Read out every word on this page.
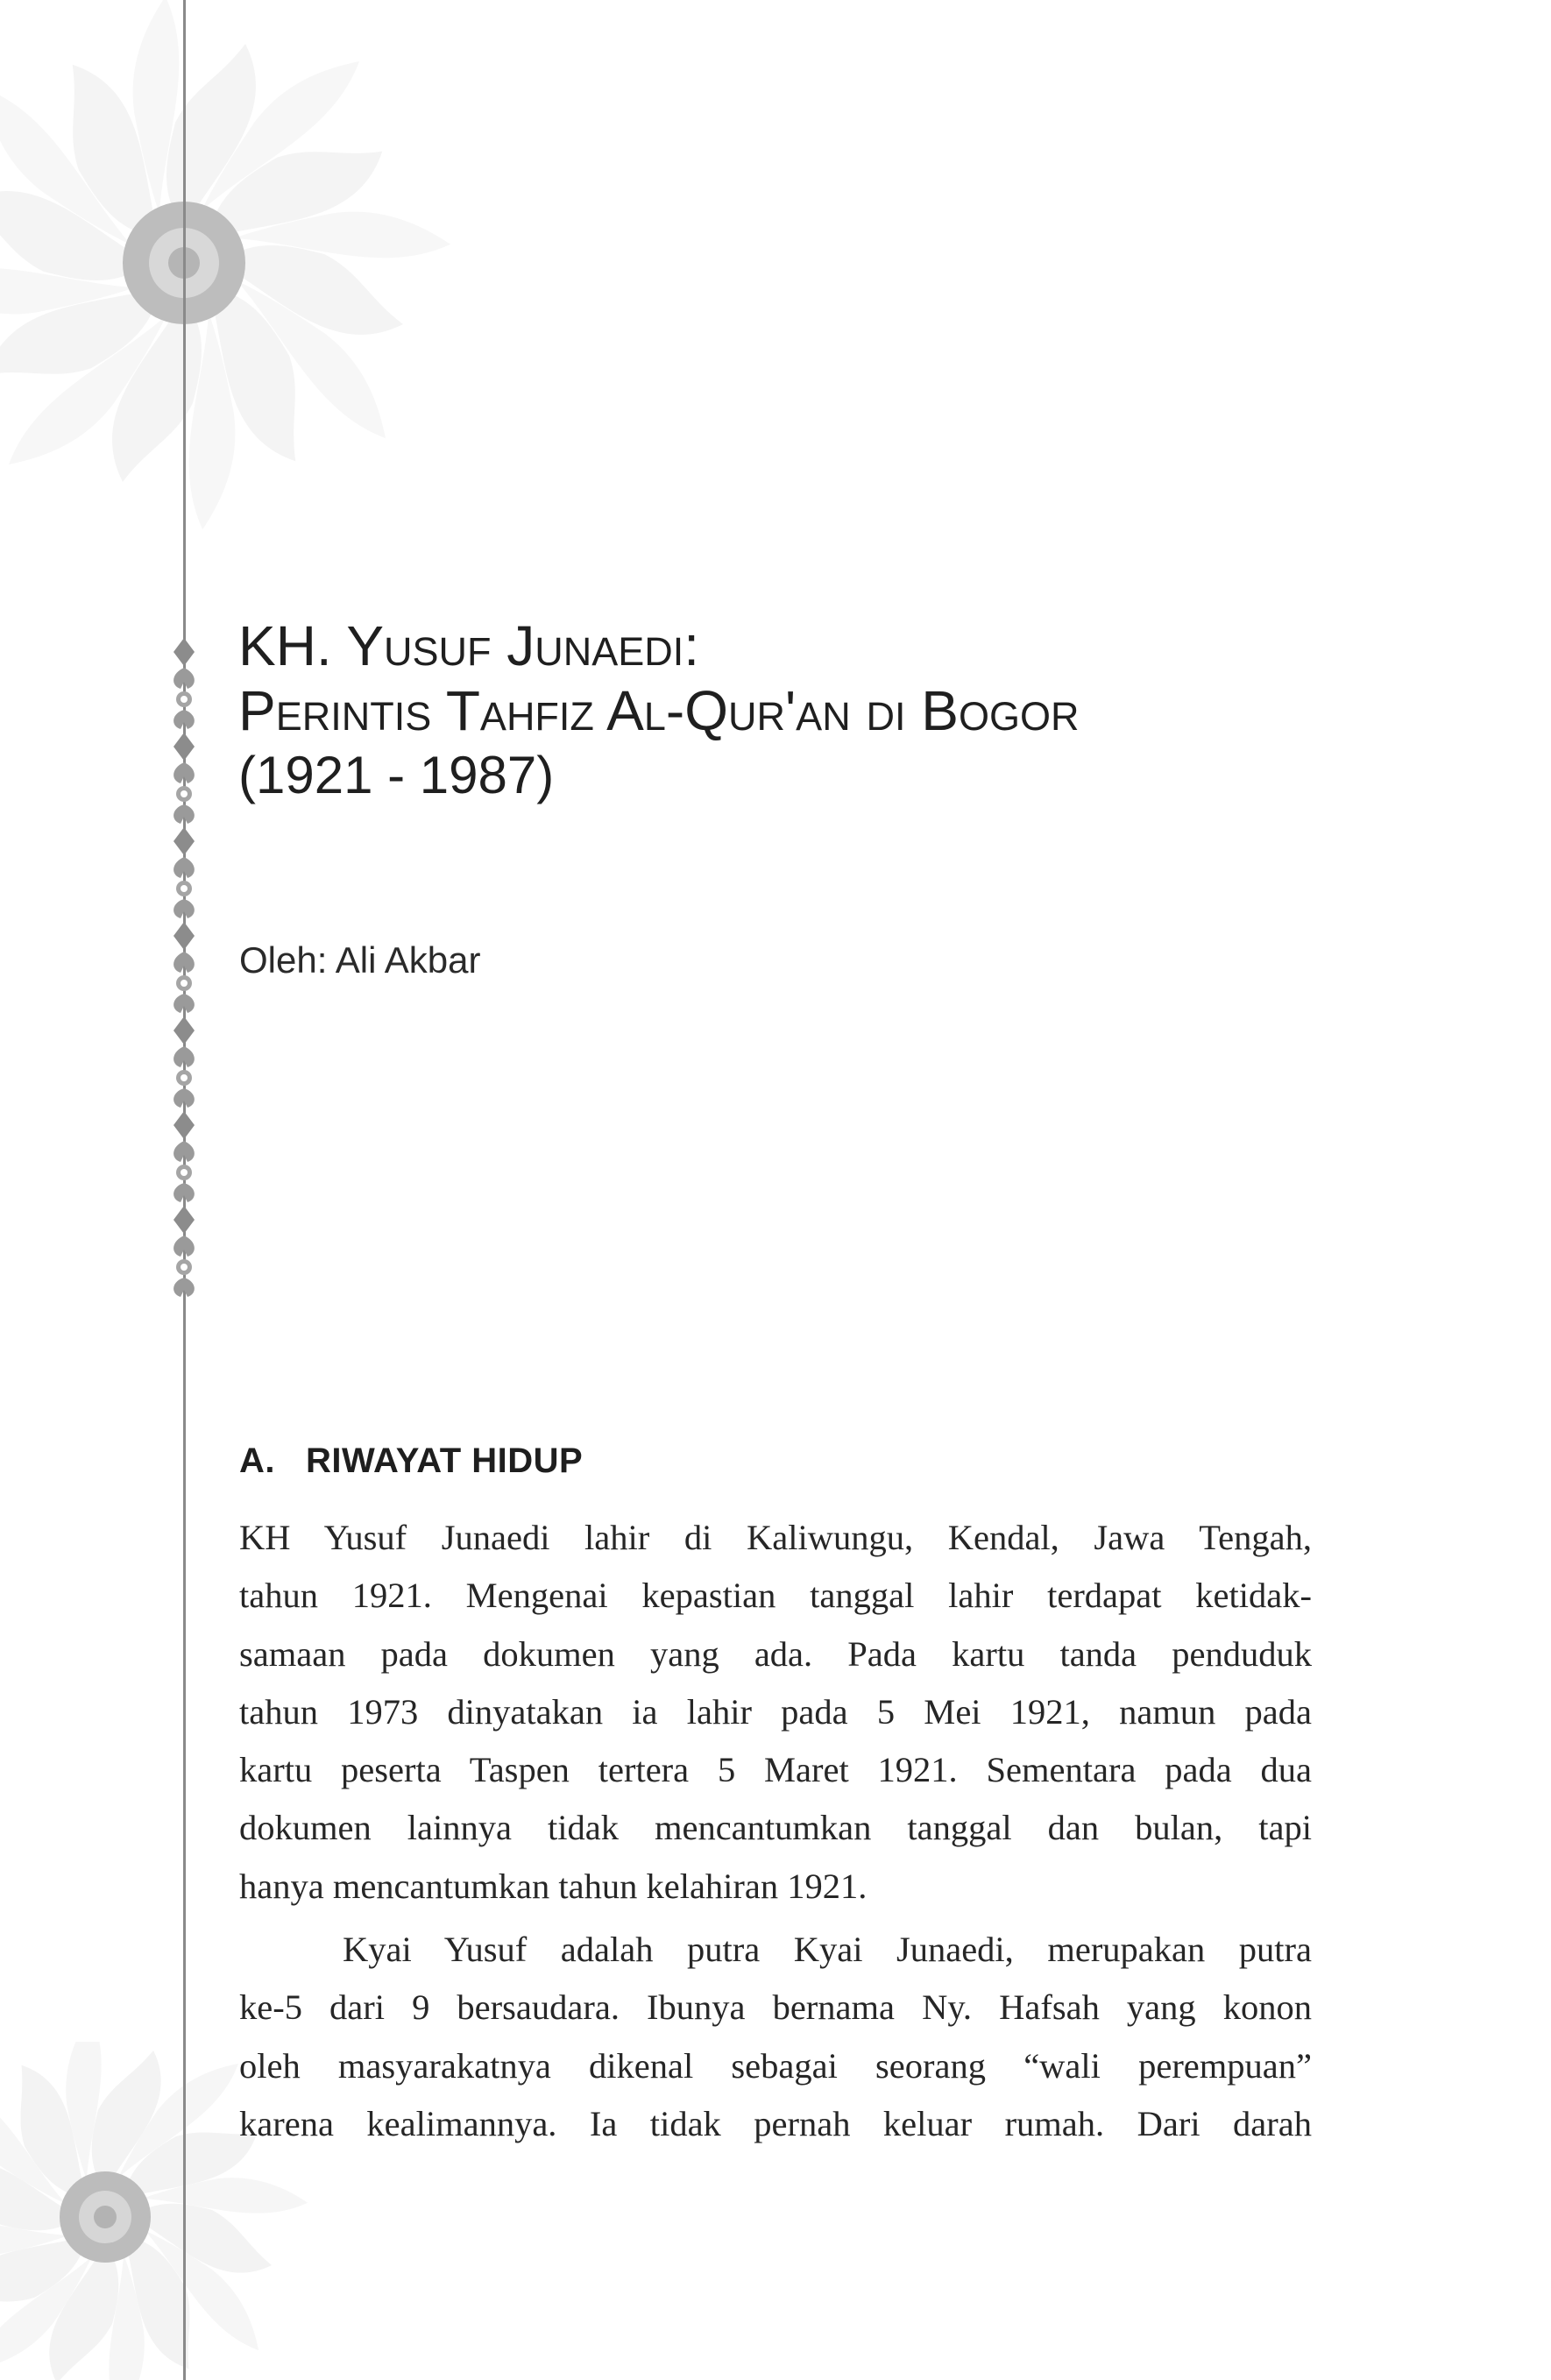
KH. Yusuf Junaedi:
Perintis Tahfiz Al-Qur'an di Bogor
(1921 - 1987)

Oleh: Ali Akbar

A. RIWAYAT HIDUP
KH Yusuf Junaedi lahir di Kaliwungu, Kendal, Jawa Tengah,
tahun 1921. Mengenai kepastian tanggal lahir terdapat ketidak-
samaan pada dokumen yang ada. Pada kartu tanda penduduk
tahun 1973 dinyatakan ia lahir pada 5 Mei 1921, namun pada
kartu peserta Taspen tertera 5 Maret 1921. Sementara pada dua
dokumen lainnya tidak mencantumkan tanggal dan bulan, tapi
hanya mencantumkan tahun kelahiran 1921.
Kyai Yusuf adalah putra Kyai Junaedi, merupakan putra
ke-5 dari 9 bersaudara. Ibunya bernama Ny. Hafsah yang konon
oleh masyarakatnya dikenal sebagai seorang “wali perempuan”
karena kealimannya. Ia tidak pernah keluar rumah. Dari darah
